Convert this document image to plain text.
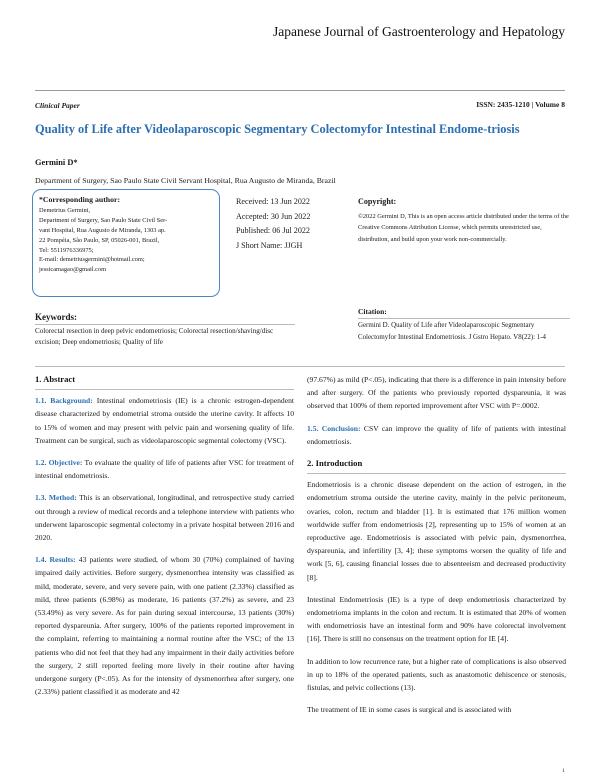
Japanese Journal of Gastroenterology and Hepatology
Clinical Paper	ISSN: 2435-1210 | Volume 8
Quality of Life after Videolaparoscopic Segmentary Colectomyfor Intestinal Endome-triosis
Germini D*
Department of Surgery, Sao Paulo State Civil Servant Hospital, Rua Augusto de Miranda, Brazil
*Corresponding author:
Demetrius Germini,
Department of Surgery, Sao Paulo State Civil Ser-
vant Hospital, Rua Augusto de Miranda, 1303 ap.
22 Pompéia, São Paulo, SP, 05026-001, Brazil,
Tel: 5511976336975;
E-mail: demetriusgermini@hotmail.com;
jessicamagao@gmail.com
Received: 13 Jun 2022
Accepted: 30 Jun 2022
Published: 06 Jul 2022
J Short Name: JJGH
Copyright:
©2022 Germini D, This is an open access article distributed under the terms of the Creative Commons Attribution License, which permits unrestricted use, distribution, and build upon your work non-commercially.
Keywords:
Colorectal resection in deep pelvic endometriosis; Colorectal resection/shaving/disc excision; Deep endometriosis; Quality of life
Citation:
Germini D. Quality of Life after Videolaparoscopic Segmentary Colectomyfor Intestinal Endometriosis. J Gstro Hepato. V8(22): 1-4

1. Abstract

1.1. Background: Intestinal endometriosis (IE) is a chronic estrogen-dependent disease characterized by endometrial stroma outside the uterine cavity. It affects 10 to 15% of women and may present with pelvic pain and worsening quality of life. Treatment can be surgical, such as videolaparoscopic segmental colectomy (VSC).

1.2. Objective: To evaluate the quality of life of patients after VSC for treatment of intestinal endometriosis.

1.3. Method: This is an observational, longitudinal, and retrospective study carried out through a review of medical records and a telephone interview with patients who underwent laparoscopic segmental colectomy in a private hospital between 2016 and 2020.

1.4. Results: 43 patients were studied, of whom 30 (70%) complained of having impaired daily activities. Before surgery, dysmenorrhea intensity was classified as mild, moderate, severe, and very severe pain, with one patient (2.33%) classified as mild, three patients (6.98%) as moderate, 16 patients (37.2%) as severe, and 23 (53.49%) as very severe. As for pain during sexual intercourse, 13 patients (30%) reported dyspareunia. After surgery, 100% of the patients reported improvement in the complaint, referring to maintaining a normal routine after the VSC; of the 13 patients who did not feel that they had any impairment in their daily activities before the surgery, 2 still reported feeling more lively in their routine after having undergone surgery (P<.05). As for the intensity of dysmenorrhea after surgery, one (2.33%) patient classified it as moderate and 42

(97.67%) as mild (P<.05), indicating that there is a difference in pain intensity before and after surgery. Of the patients who previously reported dyspareunia, it was observed that 100% of them reported improvement after VSC with P=.0002.

1.5. Conclusion: CSV can improve the quality of life of patients with intestinal endometriosis.

2. Introduction

Endometriosis is a chronic disease dependent on the action of estrogen, in the endometrium stroma outside the uterine cavity, mainly in the pelvic peritoneum, ovaries, colon, rectum and bladder [1]. It is estimated that 176 million women worldwide suffer from endometriosis [2], representing up to 15% of women at an reproductive age. Endometriosis is associated with pelvic pain, dysmenorrhea, dyspareunia, and infertility [3, 4]; these symptoms worsen the quality of life and work [5, 6], causing financial losses due to absenteeism and decreased productivity [8].

Intestinal Endometriosis (IE) is a type of deep endometriosis characterized by endometrioma implants in the colon and rectum. It is estimated that 20% of women with endometriosis have an intestinal form and 90% have colorectal involvement [16]. There is still no consensus on the treatment option for IE [4].

In addition to low recurrence rate, but a higher rate of complications is also observed in up to 18% of the operated patients, such as anastomotic dehiscence or stenosis, fistulas, and pelvic collections (13).

The treatment of IE in some cases is surgical and is associated with

1
